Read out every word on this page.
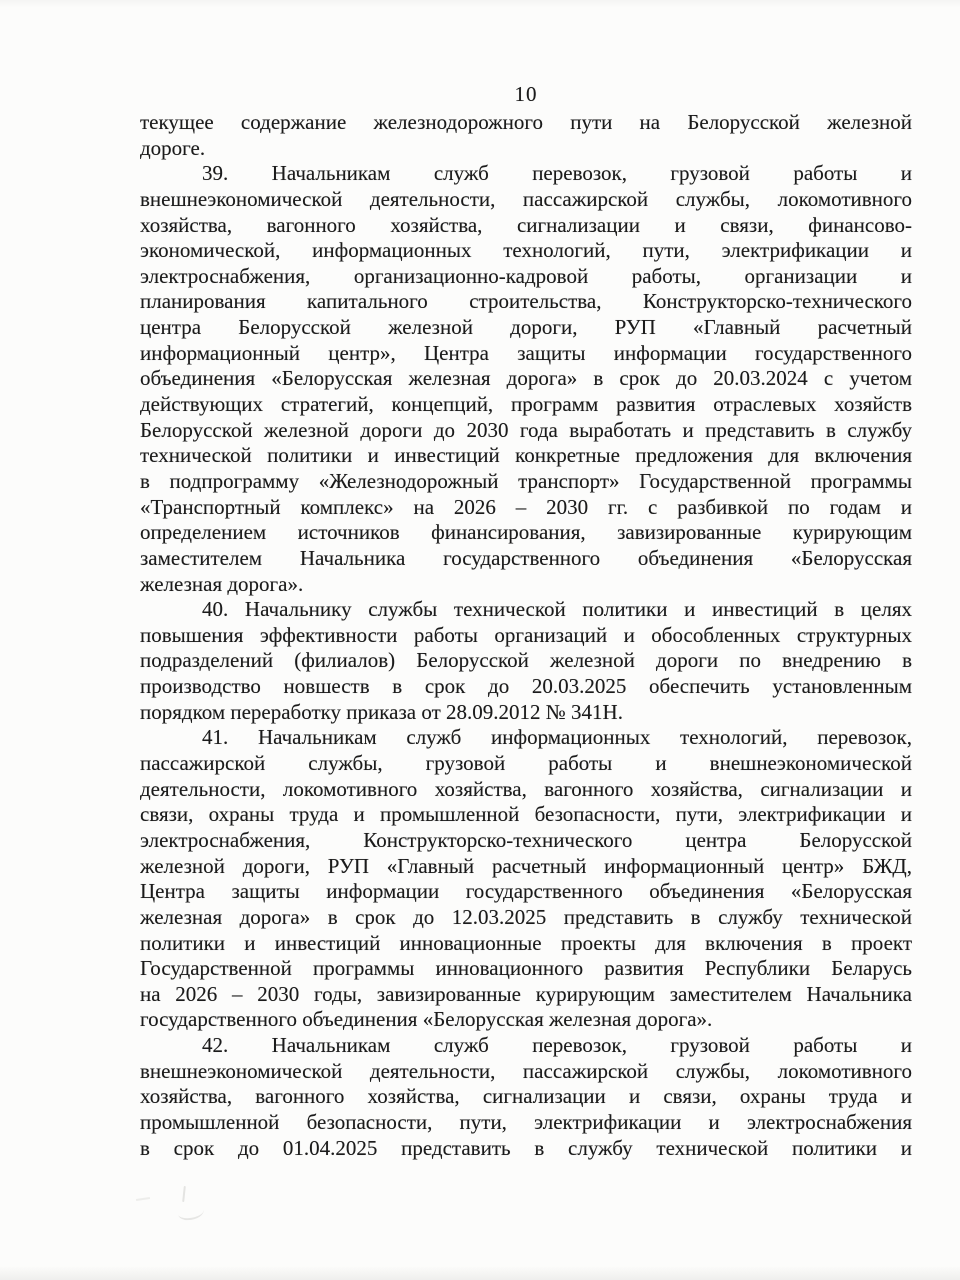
10
текущее содержание железнодорожного пути на Белорусской железной
дороге.
39. Начальникам служб перевозок, грузовой работы и
внешнеэкономической деятельности, пассажирской службы, локомотивного
хозяйства, вагонного хозяйства, сигнализации и связи, финансово-
экономической, информационных технологий, пути, электрификации и
электроснабжения, организационно-кадровой работы, организации и
планирования капитального строительства, Конструкторско-технического
центра Белорусской железной дороги, РУП «Главный расчетный
информационный центр», Центра защиты информации государственного
объединения «Белорусская железная дорога» в срок до 20.03.2024 с учетом
действующих стратегий, концепций, программ развития отраслевых хозяйств
Белорусской железной дороги до 2030 года выработать и представить в службу
технической политики и инвестиций конкретные предложения для включения
в подпрограмму «Железнодорожный транспорт» Государственной программы
«Транспортный комплекс» на 2026 – 2030 гг. с разбивкой по годам и
определением источников финансирования, завизированные курирующим
заместителем Начальника государственного объединения «Белорусская
железная дорога».
40. Начальнику службы технической политики и инвестиций в целях
повышения эффективности работы организаций и обособленных структурных
подразделений (филиалов) Белорусской железной дороги по внедрению в
производство новшеств в срок до 20.03.2025 обеспечить установленным
порядком переработку приказа от 28.09.2012 № 341Н.
41. Начальникам служб информационных технологий, перевозок,
пассажирской службы, грузовой работы и внешнеэкономической
деятельности, локомотивного хозяйства, вагонного хозяйства, сигнализации и
связи, охраны труда и промышленной безопасности, пути, электрификации и
электроснабжения, Конструкторско-технического центра Белорусской
железной дороги, РУП «Главный расчетный информационный центр» БЖД,
Центра защиты информации государственного объединения «Белорусская
железная дорога» в срок до 12.03.2025 представить в службу технической
политики и инвестиций инновационные проекты для включения в проект
Государственной программы инновационного развития Республики Беларусь
на 2026 – 2030 годы, завизированные курирующим заместителем Начальника
государственного объединения «Белорусская железная дорога».
42. Начальникам служб перевозок, грузовой работы и
внешнеэкономической деятельности, пассажирской службы, локомотивного
хозяйства, вагонного хозяйства, сигнализации и связи, охраны труда и
промышленной безопасности, пути, электрификации и электроснабжения
в срок до 01.04.2025 представить в службу технической политики и
